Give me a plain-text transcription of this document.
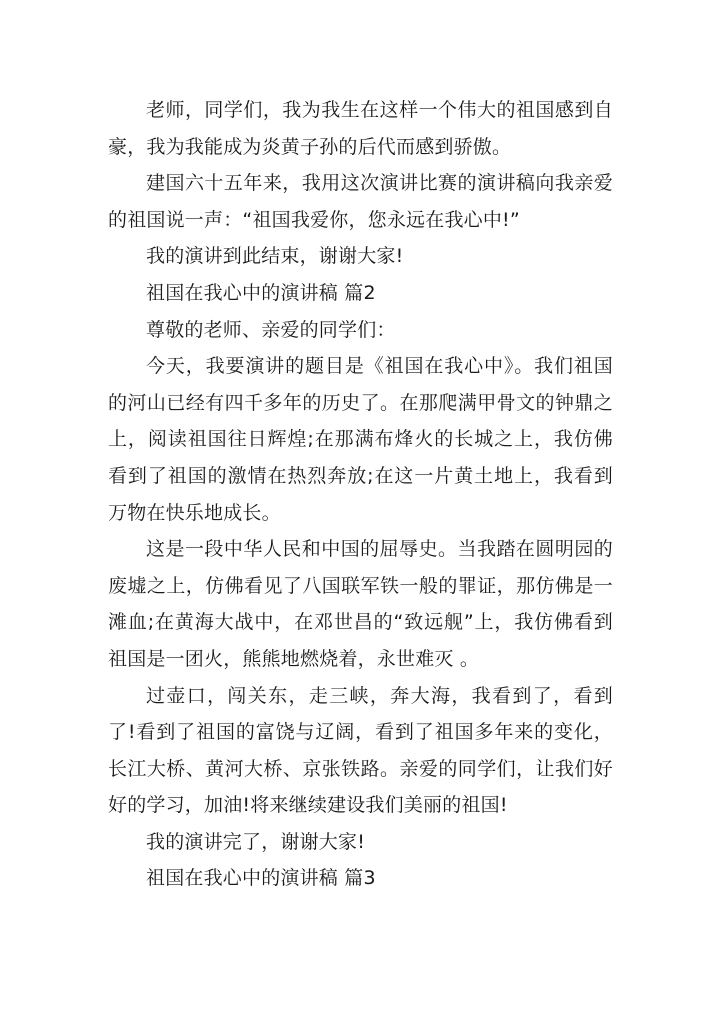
老师，同学们，我为我生在这样一个伟大的祖国感到自豪，我为我能成为炎黄子孙的后代而感到骄傲。

建国六十五年来，我用这次演讲比赛的演讲稿向我亲爱的祖国说一声：“祖国我爱你，您永远在我心中!”

我的演讲到此结束，谢谢大家!

祖国在我心中的演讲稿 篇2

尊敬的老师、亲爱的同学们：

今天，我要演讲的题目是《祖国在我心中》。我们祖国的河山已经有四千多年的历史了。在那爬满甲骨文的钟鼎之上，阅读祖国往日辉煌;在那满布烽火的长城之上，我仿佛看到了祖国的激情在热烈奔放;在这一片黄土地上，我看到万物在快乐地成长。

这是一段中华人民和中国的屈辱史。当我踏在圆明园的废墟之上，仿佛看见了八国联军铁一般的罪证，那仿佛是一滩血;在黄海大战中，在邓世昌的“致远舰”上，我仿佛看到祖国是一团火，熊熊地燃烧着，永世难灭 。

过壶口，闯关东，走三峡，奔大海，我看到了，看到了!看到了祖国的富饶与辽阔，看到了祖国多年来的变化，长江大桥、黄河大桥、京张铁路。亲爱的同学们，让我们好好的学习，加油!将来继续建设我们美丽的祖国!

我的演讲完了，谢谢大家!

祖国在我心中的演讲稿 篇3
